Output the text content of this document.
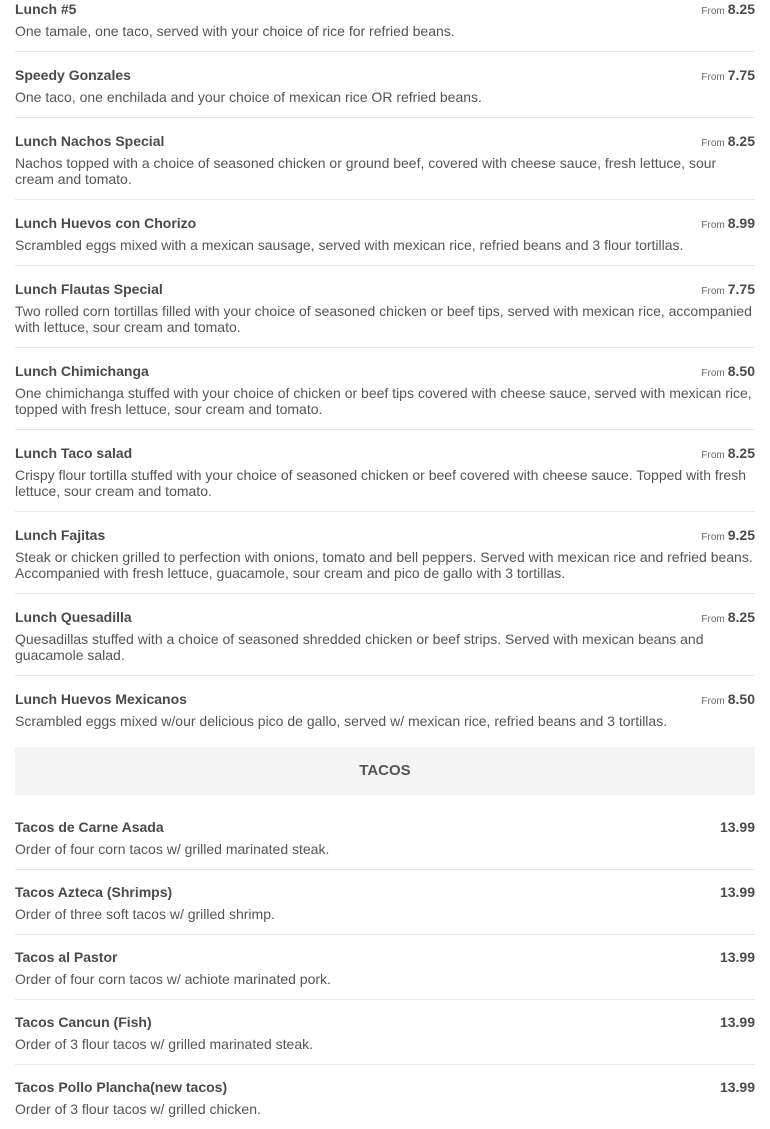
Lunch #5	From 8.25
One tamale, one taco, served with your choice of rice for refried beans.
Speedy Gonzales	From 7.75
One taco, one enchilada and your choice of mexican rice OR refried beans.
Lunch Nachos Special	From 8.25
Nachos topped with a choice of seasoned chicken or ground beef, covered with cheese sauce, fresh lettuce, sour cream and tomato.
Lunch Huevos con Chorizo	From 8.99
Scrambled eggs mixed with a mexican sausage, served with mexican rice, refried beans and 3 flour tortillas.
Lunch Flautas Special	From 7.75
Two rolled corn tortillas filled with your choice of seasoned chicken or beef tips, served with mexican rice, accompanied with lettuce, sour cream and tomato.
Lunch Chimichanga	From 8.50
One chimichanga stuffed with your choice of chicken or beef tips covered with cheese sauce, served with mexican rice, topped with fresh lettuce, sour cream and tomato.
Lunch Taco salad	From 8.25
Crispy flour tortilla stuffed with your choice of seasoned chicken or beef covered with cheese sauce. Topped with fresh lettuce, sour cream and tomato.
Lunch Fajitas	From 9.25
Steak or chicken grilled to perfection with onions, tomato and bell peppers. Served with mexican rice and refried beans. Accompanied with fresh lettuce, guacamole, sour cream and pico de gallo with 3 tortillas.
Lunch Quesadilla	From 8.25
Quesadillas stuffed with a choice of seasoned shredded chicken or beef strips. Served with mexican beans and guacamole salad.
Lunch Huevos Mexicanos	From 8.50
Scrambled eggs mixed w/our delicious pico de gallo, served w/ mexican rice, refried beans and 3 tortillas.
TACOS
Tacos de Carne Asada	13.99
Order of four corn tacos w/ grilled marinated steak.
Tacos Azteca (Shrimps)	13.99
Order of three soft tacos w/ grilled shrimp.
Tacos al Pastor	13.99
Order of four corn tacos w/ achiote marinated pork.
Tacos Cancun (Fish)	13.99
Order of 3 flour tacos w/ grilled marinated steak.
Tacos Pollo Plancha(new tacos)	13.99
Order of 3 flour tacos w/ grilled chicken.
